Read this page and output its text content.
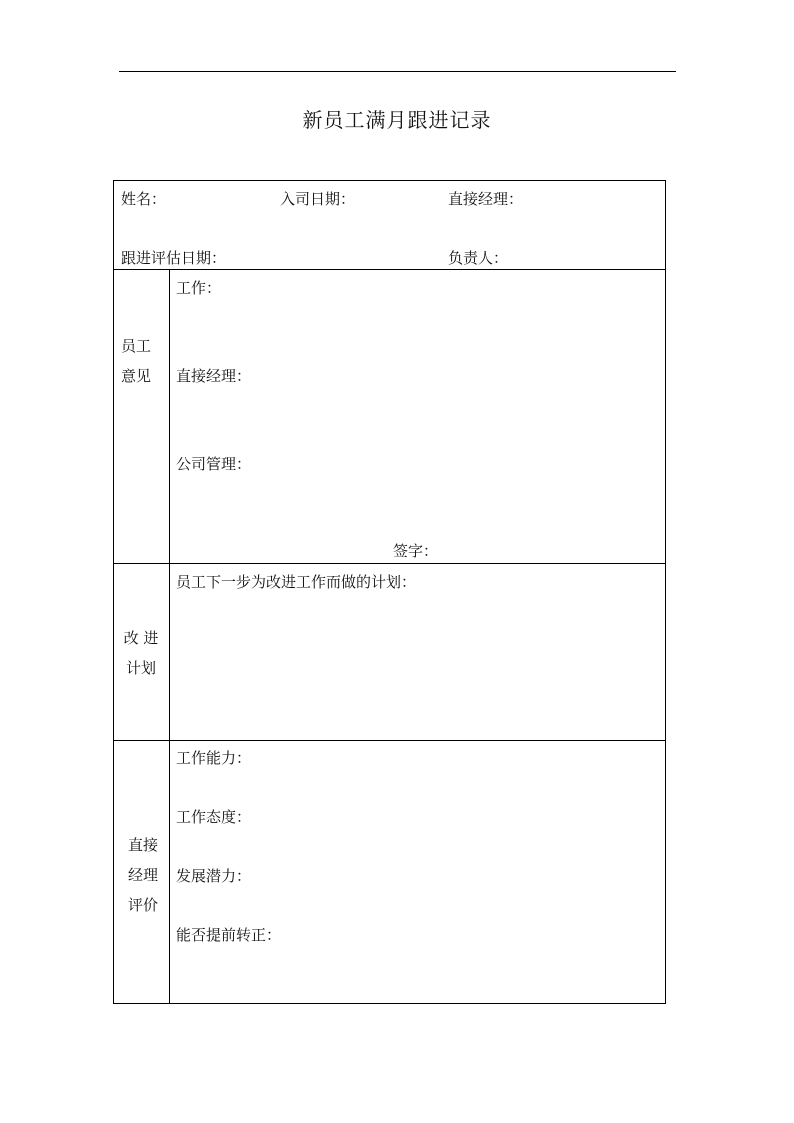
新员工满月跟进记录
姓名：	入司日期：	直接经理：
跟进评估日期：	负责人：
员工
意见
工作：
直接经理：
公司管理：
签字：
改 进
计划
员工下一步为改进工作而做的计划：
直接
经理
评价
工作能力：
工作态度：
发展潜力：
能否提前转正：
